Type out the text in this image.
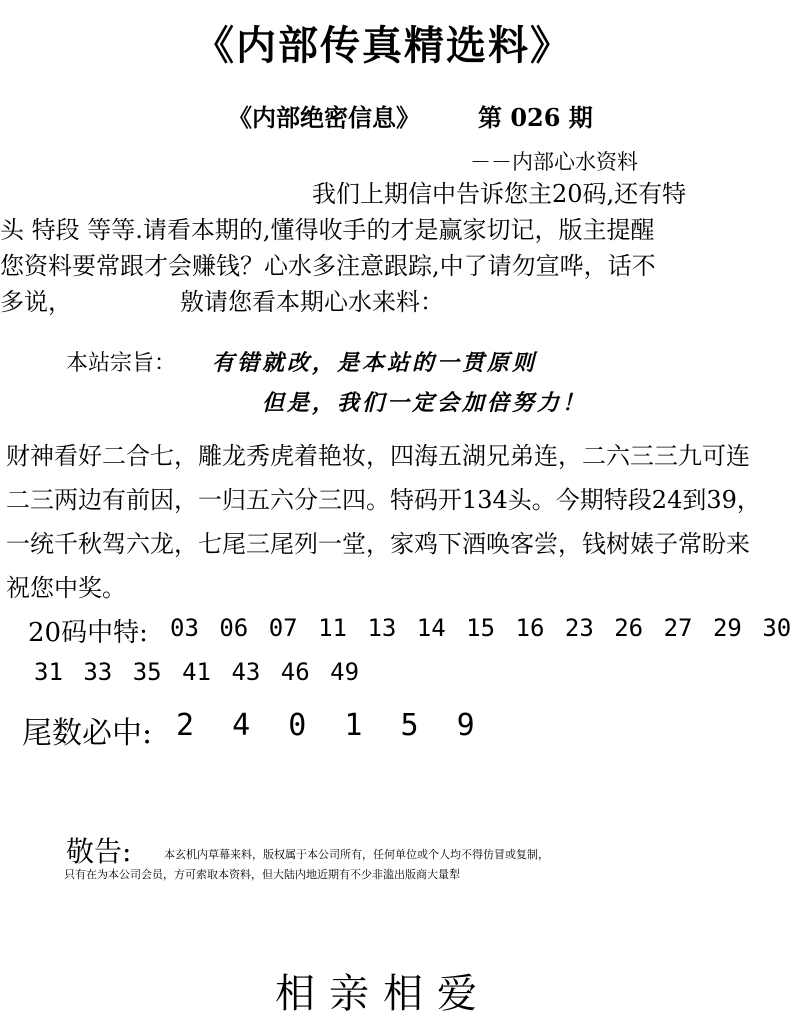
《内部传真精选料》
《内部绝密信息》 第 026 期
－－内部心水资料
　　　　　　　　　　　　　我们上期信中告诉您主20码,还有特
头 特段 等等.请看本期的,懂得收手的才是赢家切记，版主提醒
您资料要常跟才会赚钱？心水多注意跟踪,中了请勿宣哗，话不
多说，　　　　　敫请您看本期心水来料：
本站宗旨： 有错就改，是本站的一贯原则
但是，我们一定会加倍努力！
财神看好二合七，雕龙秀虎着艳妆，四海五湖兄弟连，二六三三九可连
二三两边有前因，一归五六分三四。特码开134头。今期特段24到39，
一统千秋驾六龙，七尾三尾列一堂，家鸡下酒唤客尝，钱树婊子常盼来
祝您中奖。
20码中特: 03 06 07 11 13 14 15 16 23 26 27 29 30
31 33 35 41 43 46 49
尾数必中: 2 4 0 1 5 9
敬告:	本玄机内草幕来料，版权属于本公司所有，任何单位或个人均不得仿冒或复制，
只有在为本公司会员，方可索取本资料，但大陆内地近期有不少非滥出版商大量犁
相亲相爱
